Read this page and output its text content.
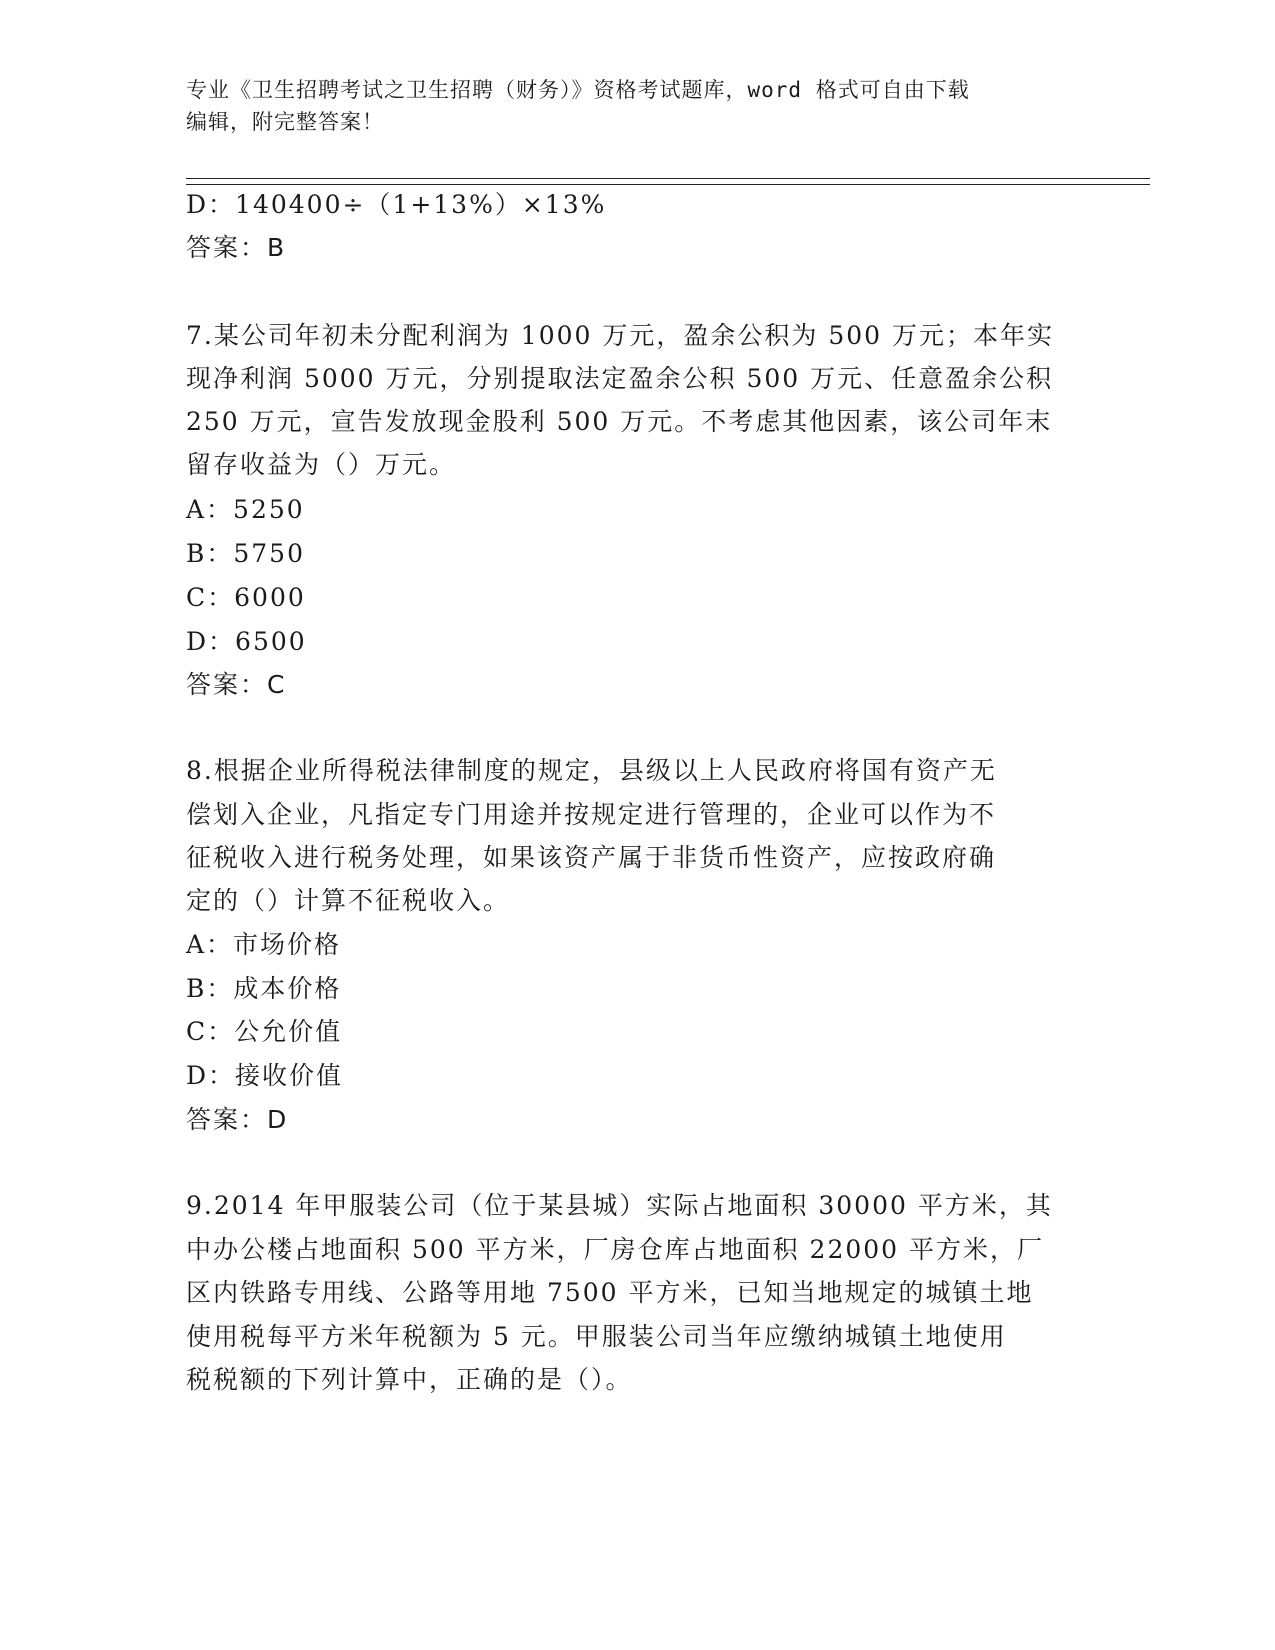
专业《卫生招聘考试之卫生招聘（财务）》资格考试题库，word 格式可自由下载
编辑，附完整答案！
D：140400÷（1+13%）×13%
答案：B
7.某公司年初未分配利润为 1000 万元，盈余公积为 500 万元；本年实
现净利润 5000 万元，分别提取法定盈余公积 500 万元、任意盈余公积
250 万元，宣告发放现金股利 500 万元。不考虑其他因素，该公司年末
留存收益为（）万元。
A：5250
B：5750
C：6000
D：6500
答案：C
8.根据企业所得税法律制度的规定，县级以上人民政府将国有资产无
偿划入企业，凡指定专门用途并按规定进行管理的，企业可以作为不
征税收入进行税务处理，如果该资产属于非货币性资产，应按政府确
定的（）计算不征税收入。
A：市场价格
B：成本价格
C：公允价值
D：接收价值
答案：D
9.2014 年甲服装公司（位于某县城）实际占地面积 30000 平方米，其
中办公楼占地面积 500 平方米，厂房仓库占地面积 22000 平方米，厂
区内铁路专用线、公路等用地 7500 平方米，已知当地规定的城镇土地
使用税每平方米年税额为 5 元。甲服装公司当年应缴纳城镇土地使用
税税额的下列计算中，正确的是（）。
